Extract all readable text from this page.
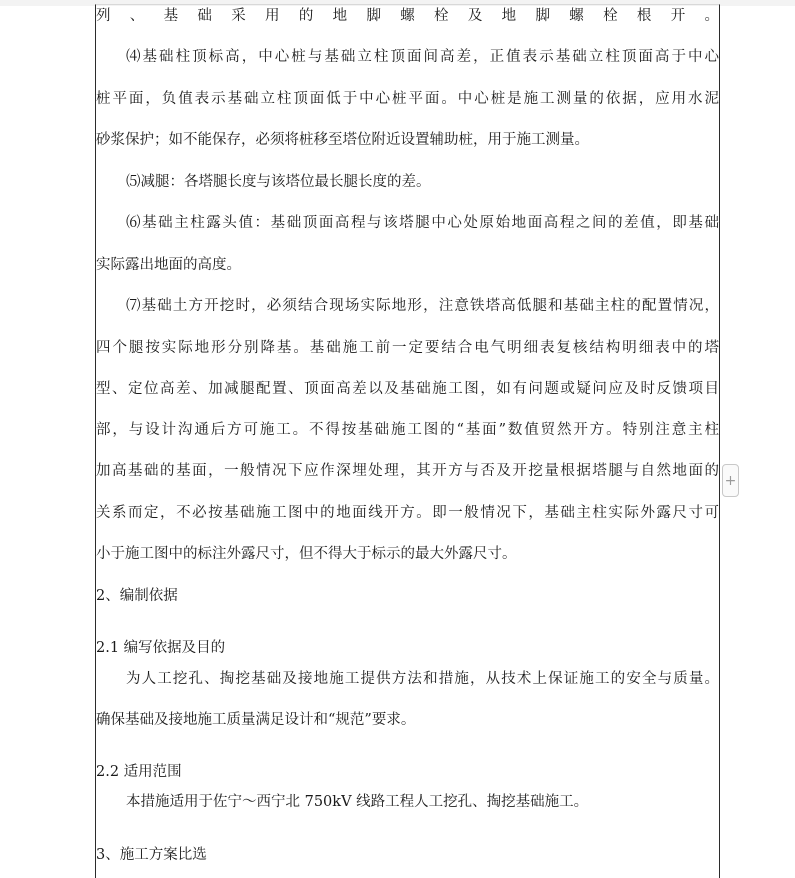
列、基础采用的地脚螺栓及地脚螺栓根开。
⑷基础柱顶标高，中心桩与基础立柱顶面间高差，正值表示基础立柱顶面高于中心
桩平面，负值表示基础立柱顶面低于中心桩平面。中心桩是施工测量的依据，应用水泥
砂浆保护；如不能保存，必须将桩移至塔位附近设置辅助桩，用于施工测量。
⑸减腿：各塔腿长度与该塔位最长腿长度的差。
⑹基础主柱露头值：基础顶面高程与该塔腿中心处原始地面高程之间的差值，即基础
实际露出地面的高度。
⑺基础土方开挖时，必须结合现场实际地形，注意铁塔高低腿和基础主柱的配置情况，
四个腿按实际地形分别降基。基础施工前一定要结合电气明细表复核结构明细表中的塔
型、定位高差、加减腿配置、顶面高差以及基础施工图，如有问题或疑问应及时反馈项目
部，与设计沟通后方可施工。不得按基础施工图的“基面”数值贸然开方。特别注意主柱
加高基础的基面，一般情况下应作深埋处理，其开方与否及开挖量根据塔腿与自然地面的
关系而定，不必按基础施工图中的地面线开方。即一般情况下，基础主柱实际外露尺寸可
小于施工图中的标注外露尺寸，但不得大于标示的最大外露尺寸。
2、编制依据
2.1 编写依据及目的
为人工挖孔、掏挖基础及接地施工提供方法和措施，从技术上保证施工的安全与质量。
确保基础及接地施工质量满足设计和“规范”要求。
2.2 适用范围
本措施适用于佐宁～西宁北 750kV 线路工程人工挖孔、掏挖基础施工。
3、施工方案比选
+
